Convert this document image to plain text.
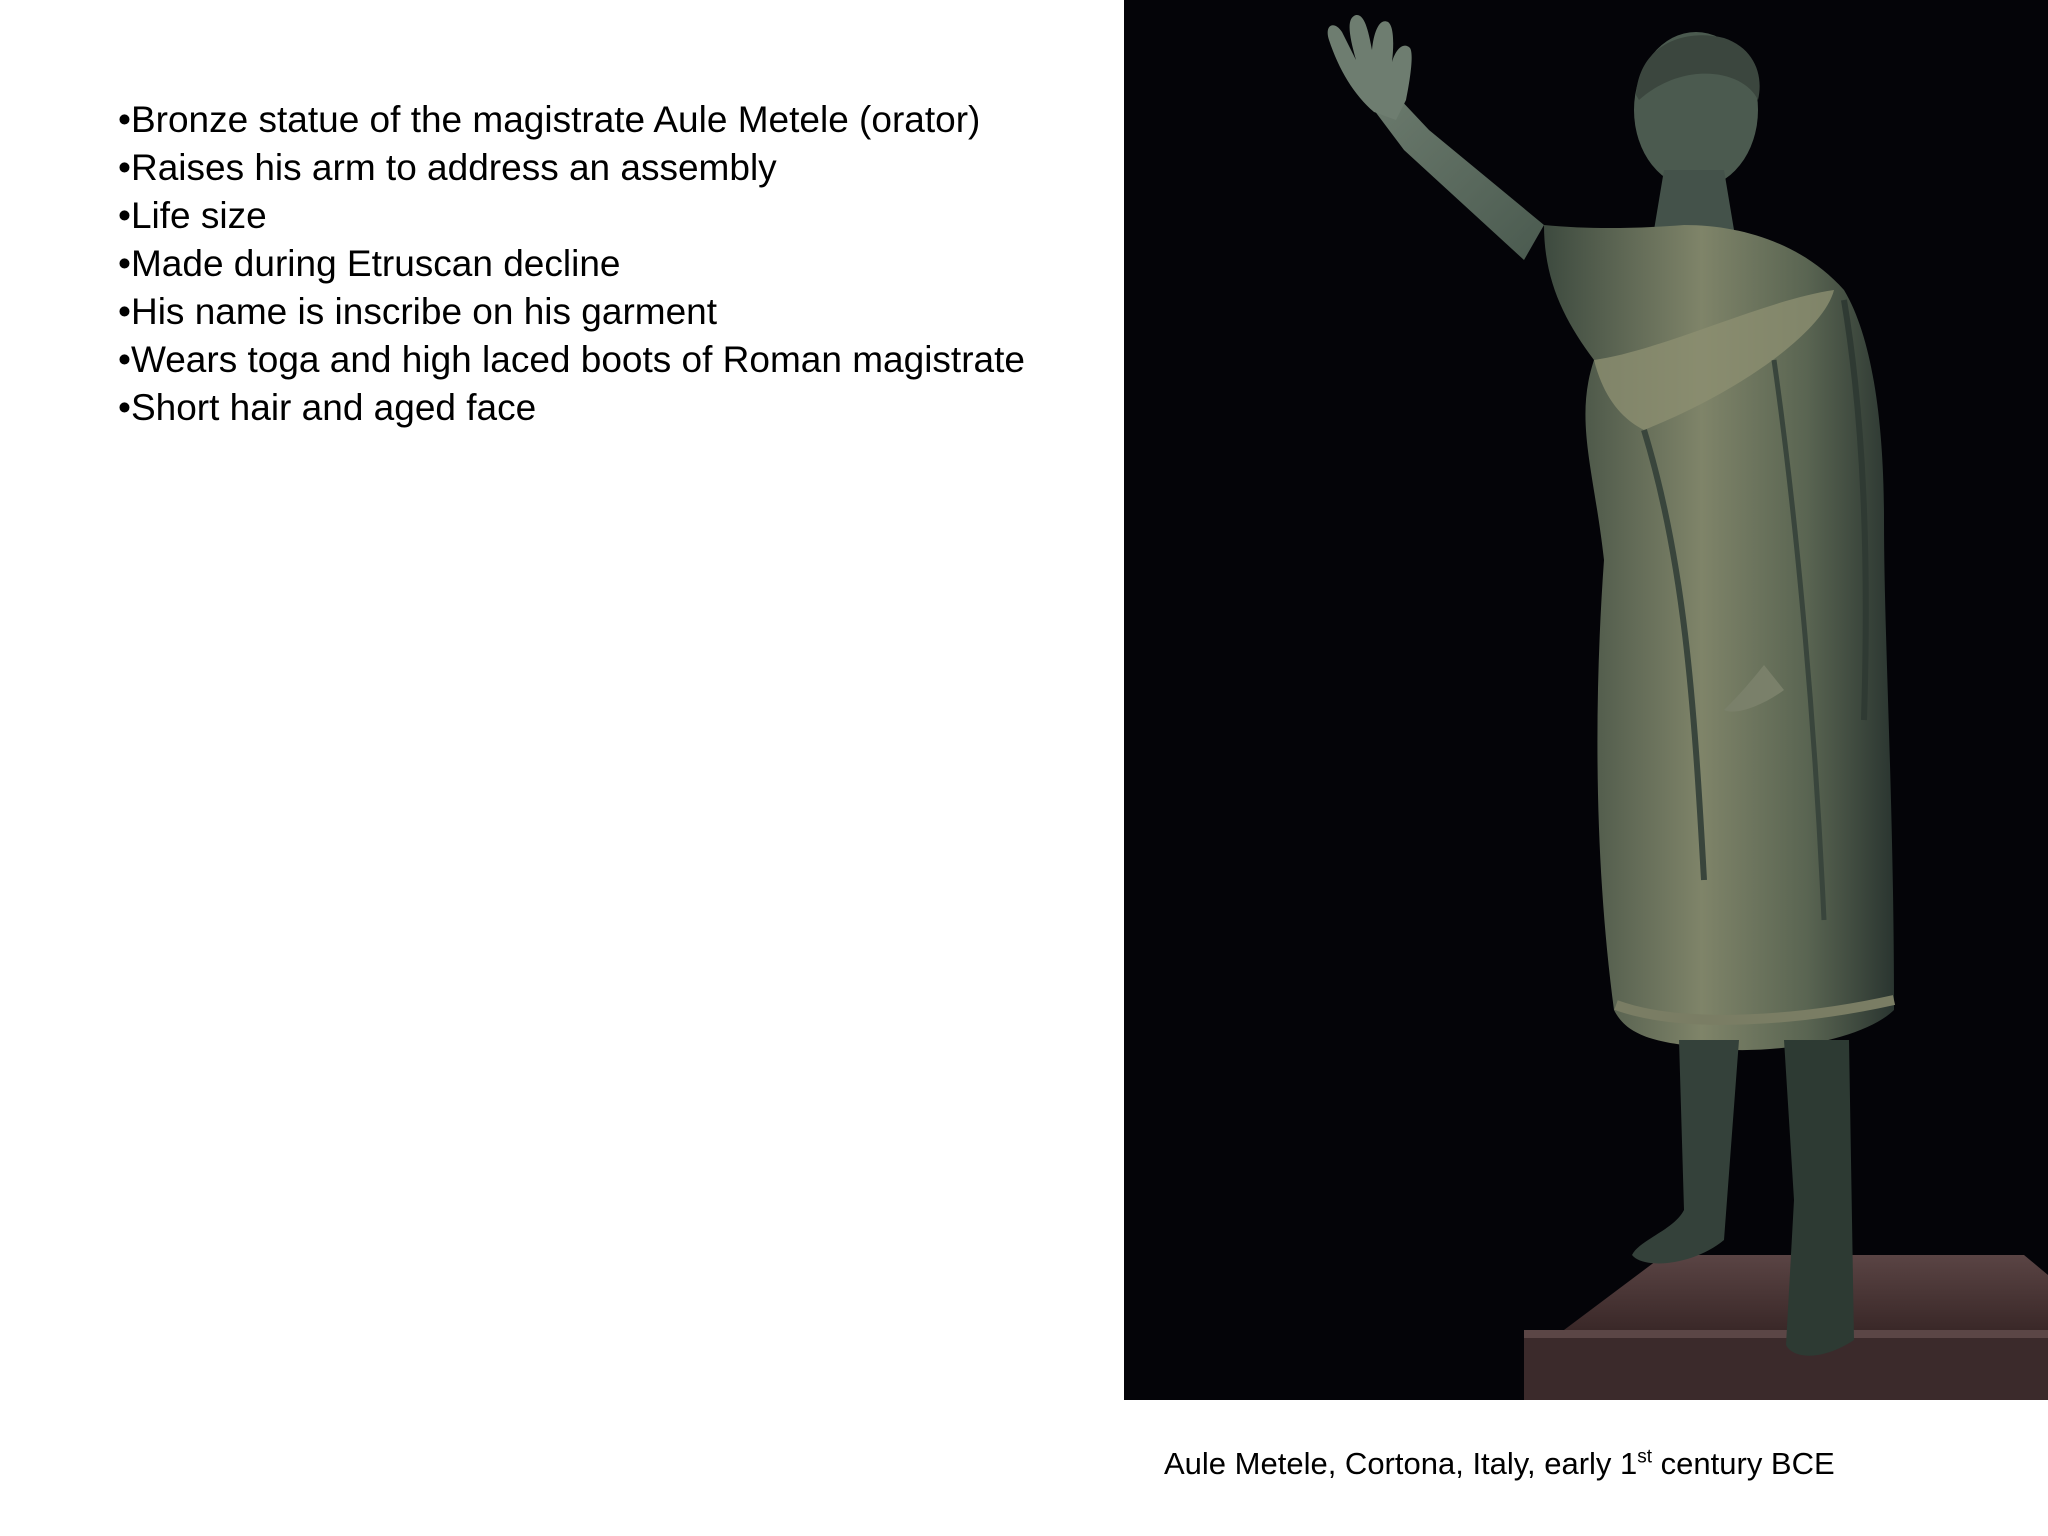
•Bronze statue of the magistrate Aule Metele (orator)
•Raises his arm to address an assembly
•Life size
•Made during Etruscan decline
•His name is inscribe on his garment
•Wears toga and high laced boots of Roman magistrate
•Short hair and aged face
Aule Metele, Cortona, Italy, early 1st century BCE
